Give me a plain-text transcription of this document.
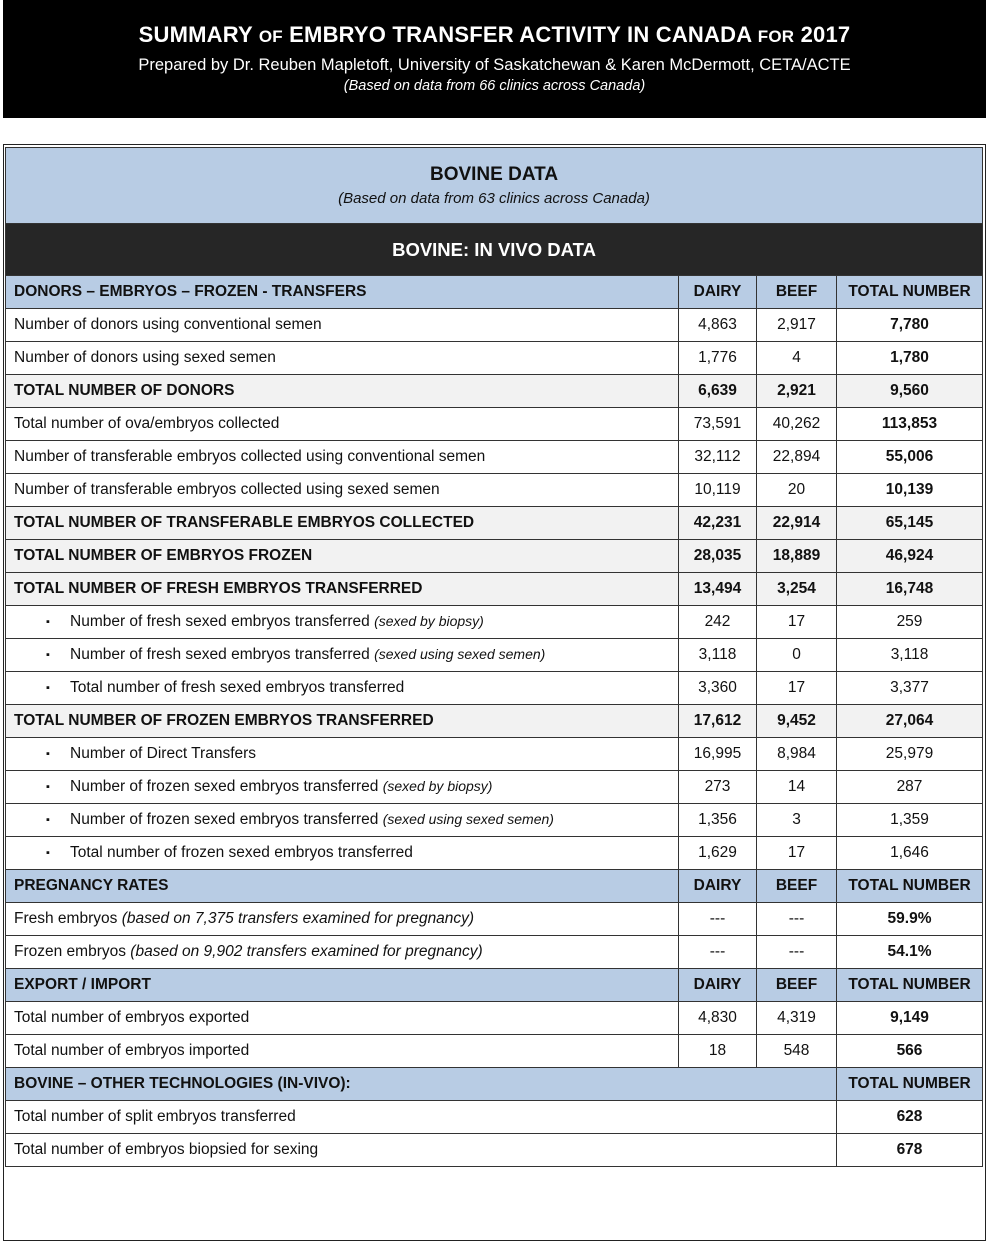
SUMMARY OF EMBRYO TRANSFER ACTIVITY IN CANADA FOR 2017
Prepared by Dr. Reuben Mapletoft, University of Saskatchewan & Karen McDermott, CETA/ACTE
(Based on data from 66 clinics across Canada)
BOVINE DATA
(Based on data from 63 clinics across Canada)			

BOVINE: IN VIVO DATA			
DONORS – EMBRYOS – FROZEN - TRANSFERS	DAIRY	BEEF	TOTAL NUMBER
Number of donors using conventional semen	4,863	2,917	7,780
Number of donors using sexed semen	1,776	4	1,780
TOTAL NUMBER OF DONORS	6,639	2,921	9,560
Total number of ova/embryos collected	73,591	40,262	113,853
Number of transferable embryos collected using conventional semen	32,112	22,894	55,006
Number of transferable embryos collected using sexed semen	10,119	20	10,139
TOTAL NUMBER OF TRANSFERABLE EMBRYOS COLLECTED	42,231	22,914	65,145
TOTAL NUMBER OF EMBRYOS FROZEN	28,035	18,889	46,924
TOTAL NUMBER OF FRESH EMBRYOS TRANSFERRED	13,494	3,254	16,748
▪ Number of fresh sexed embryos transferred (sexed by biopsy)	242	17	259
▪ Number of fresh sexed embryos transferred (sexed using sexed semen)	3,118	0	3,118
▪ Total number of fresh sexed embryos transferred	3,360	17	3,377
TOTAL NUMBER OF FROZEN EMBRYOS TRANSFERRED	17,612	9,452	27,064
▪ Number of Direct Transfers	16,995	8,984	25,979
▪ Number of frozen sexed embryos transferred (sexed by biopsy)	273	14	287
▪ Number of frozen sexed embryos transferred (sexed using sexed semen)	1,356	3	1,359
▪ Total number of frozen sexed embryos transferred	1,629	17	1,646
PREGNANCY RATES	DAIRY	BEEF	TOTAL NUMBER
Fresh embryos (based on 7,375 transfers examined for pregnancy)	---	---	59.9%
Frozen embryos (based on 9,902 transfers examined for pregnancy)	---	---	54.1%
EXPORT / IMPORT	DAIRY	BEEF	TOTAL NUMBER
Total number of embryos exported	4,830	4,319	9,149
Total number of embryos imported	18	548	566
BOVINE – OTHER TECHNOLOGIES (IN-VIVO):			TOTAL NUMBER
Total number of split embryos transferred			628
Total number of embryos biopsied for sexing			678
